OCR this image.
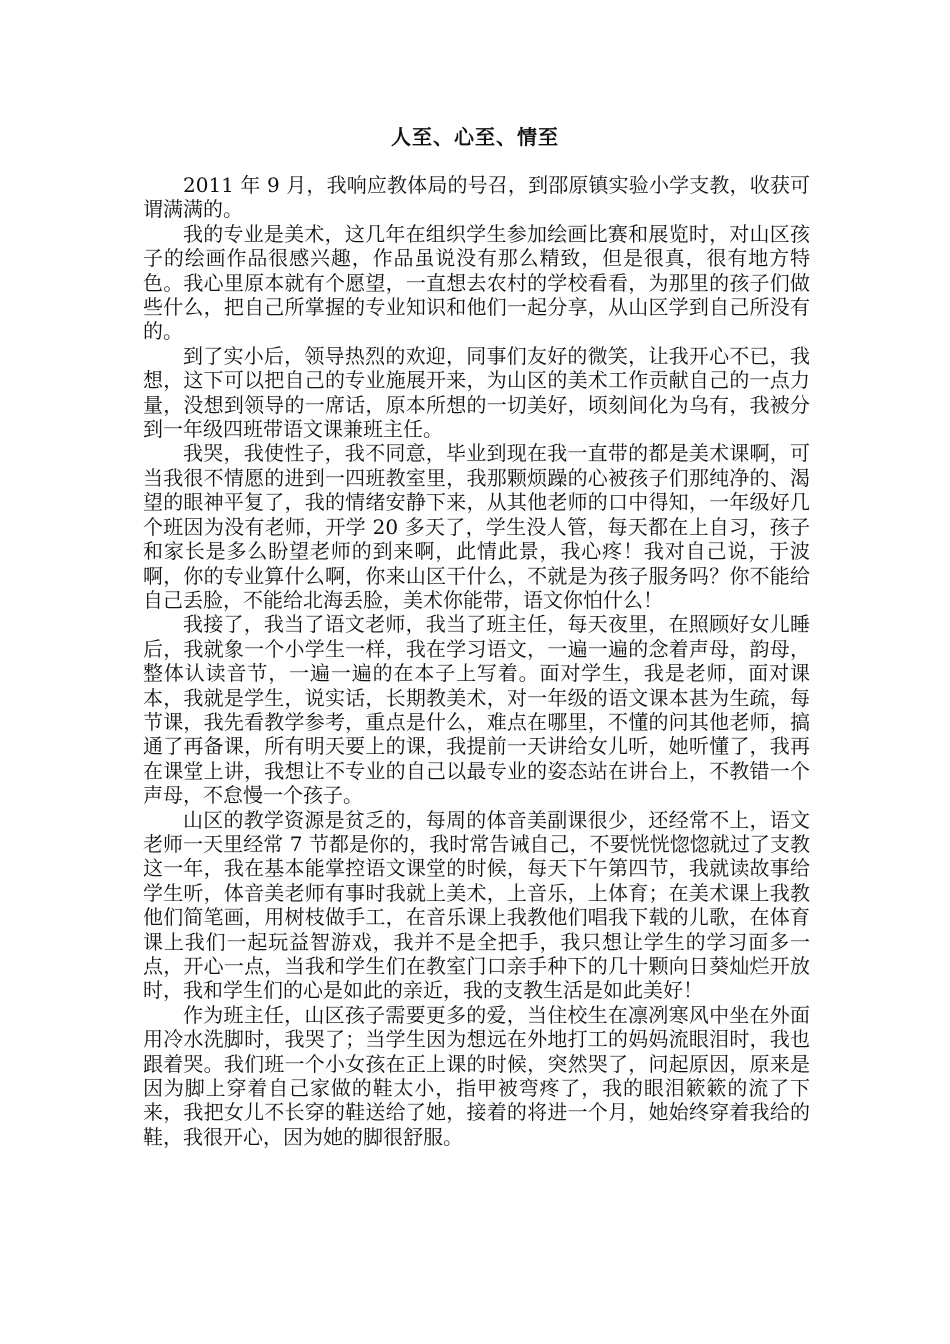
人至、心至、情至

2011 年 9 月，我响应教体局的号召，到邵原镇实验小学支教，收获可谓满满的。

我的专业是美术，这几年在组织学生参加绘画比赛和展览时，对山区孩子的绘画作品很感兴趣，作品虽说没有那么精致，但是很真，很有地方特色。我心里原本就有个愿望，一直想去农村的学校看看，为那里的孩子们做些什么，把自己所掌握的专业知识和他们一起分享，从山区学到自己所没有的。

到了实小后，领导热烈的欢迎，同事们友好的微笑，让我开心不已，我想，这下可以把自己的专业施展开来，为山区的美术工作贡献自己的一点力量，没想到领导的一席话，原本所想的一切美好，顷刻间化为乌有，我被分到一年级四班带语文课兼班主任。

我哭，我使性子，我不同意，毕业到现在我一直带的都是美术课啊，可当我很不情愿的进到一四班教室里，我那颗烦躁的心被孩子们那纯净的、渴望的眼神平复了，我的情绪安静下来，从其他老师的口中得知，一年级好几个班因为没有老师，开学 20 多天了，学生没人管，每天都在上自习，孩子和家长是多么盼望老师的到来啊，此情此景，我心疼！我对自己说，于波啊，你的专业算什么啊，你来山区干什么，不就是为孩子服务吗？你不能给自己丢脸，不能给北海丢脸，美术你能带，语文你怕什么！

我接了，我当了语文老师，我当了班主任，每天夜里，在照顾好女儿睡后，我就象一个小学生一样，我在学习语文，一遍一遍的念着声母，韵母，整体认读音节，一遍一遍的在本子上写着。面对学生，我是老师，面对课本，我就是学生，说实话，长期教美术，对一年级的语文课本甚为生疏，每节课，我先看教学参考，重点是什么，难点在哪里，不懂的问其他老师，搞通了再备课，所有明天要上的课，我提前一天讲给女儿听，她听懂了，我再在课堂上讲，我想让不专业的自己以最专业的姿态站在讲台上，不教错一个声母，不怠慢一个孩子。

山区的教学资源是贫乏的，每周的体音美副课很少，还经常不上，语文老师一天里经常 7 节都是你的，我时常告诫自己，不要恍恍惚惚就过了支教这一年，我在基本能掌控语文课堂的时候，每天下午第四节，我就读故事给学生听，体音美老师有事时我就上美术，上音乐，上体育；在美术课上我教他们简笔画，用树枝做手工，在音乐课上我教他们唱我下载的儿歌，在体育课上我们一起玩益智游戏，我并不是全把手，我只想让学生的学习面多一点，开心一点，当我和学生们在教室门口亲手种下的几十颗向日葵灿烂开放时，我和学生们的心是如此的亲近，我的支教生活是如此美好！

作为班主任，山区孩子需要更多的爱，当住校生在凛冽寒风中坐在外面用冷水洗脚时，我哭了；当学生因为想远在外地打工的妈妈流眼泪时，我也跟着哭。我们班一个小女孩在正上课的时候，突然哭了，问起原因，原来是因为脚上穿着自己家做的鞋太小，指甲被弯疼了，我的眼泪簌簌的流了下来，我把女儿不长穿的鞋送给了她，接着的将进一个月，她始终穿着我给的鞋，我很开心，因为她的脚很舒服。
